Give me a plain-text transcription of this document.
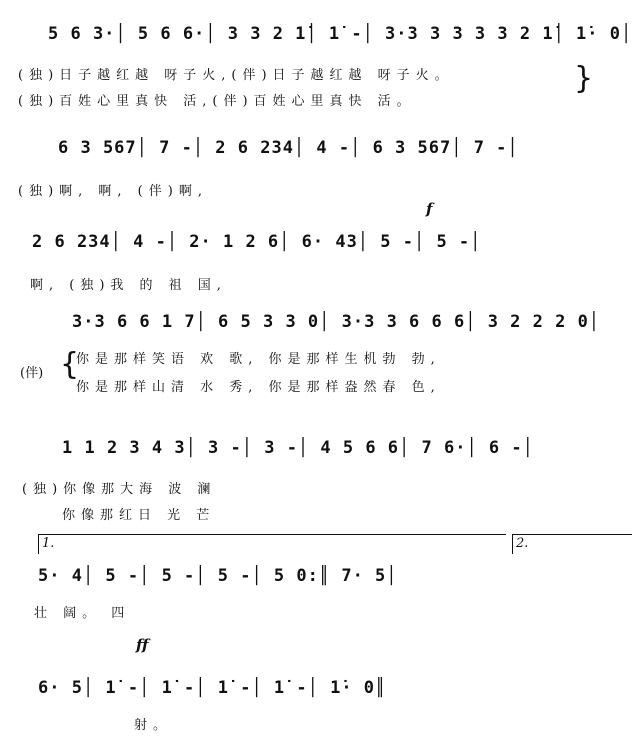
5 6 3·│ 5 6 6·│ 3 3 2 1̇│ 1̇ -│ 3·3 3 3 3 3 2 1̇│ 1̇· 0│
(独)日子越红越 呀子火,(伴)日子越红越 呀子火。
(独)百姓心里真快 活,(伴)百姓心里真快 活。
}
6 3 567│ 7 -│ 2 6 234│ 4 -│ 6 3 567│ 7 -│
(独)啊, 啊, (伴)啊,
f
2 6 234│ 4 -│ 2· 1 2 6│ 6· 43│ 5 -│ 5 -│
啊, (独)我 的 祖 国,
3·3 6 6 1 7│ 6 5 3 3 0│ 3·3 3 6 6 6│ 3 2 2 2 0│
(伴) {
你是那样笑语 欢 歌, 你是那样生机勃 勃,
你是那样山清 水 秀, 你是那样盎然春 色,
1 1 2 3 4 3│ 3 -│ 3 -│ 4 5 6 6│ 7 6·│ 6 -│
(独)你像那大海 波 澜
你像那红日 光 芒
1.	2.
5· 4│ 5 -│ 5 -│ 5 -│ 5 0:║ 7· 5│
壮 阔。 四
ff
6· 5│ 1̇ -│ 1̇ -│ 1̇ -│ 1̇ -│ 1̇· 0║
射。
